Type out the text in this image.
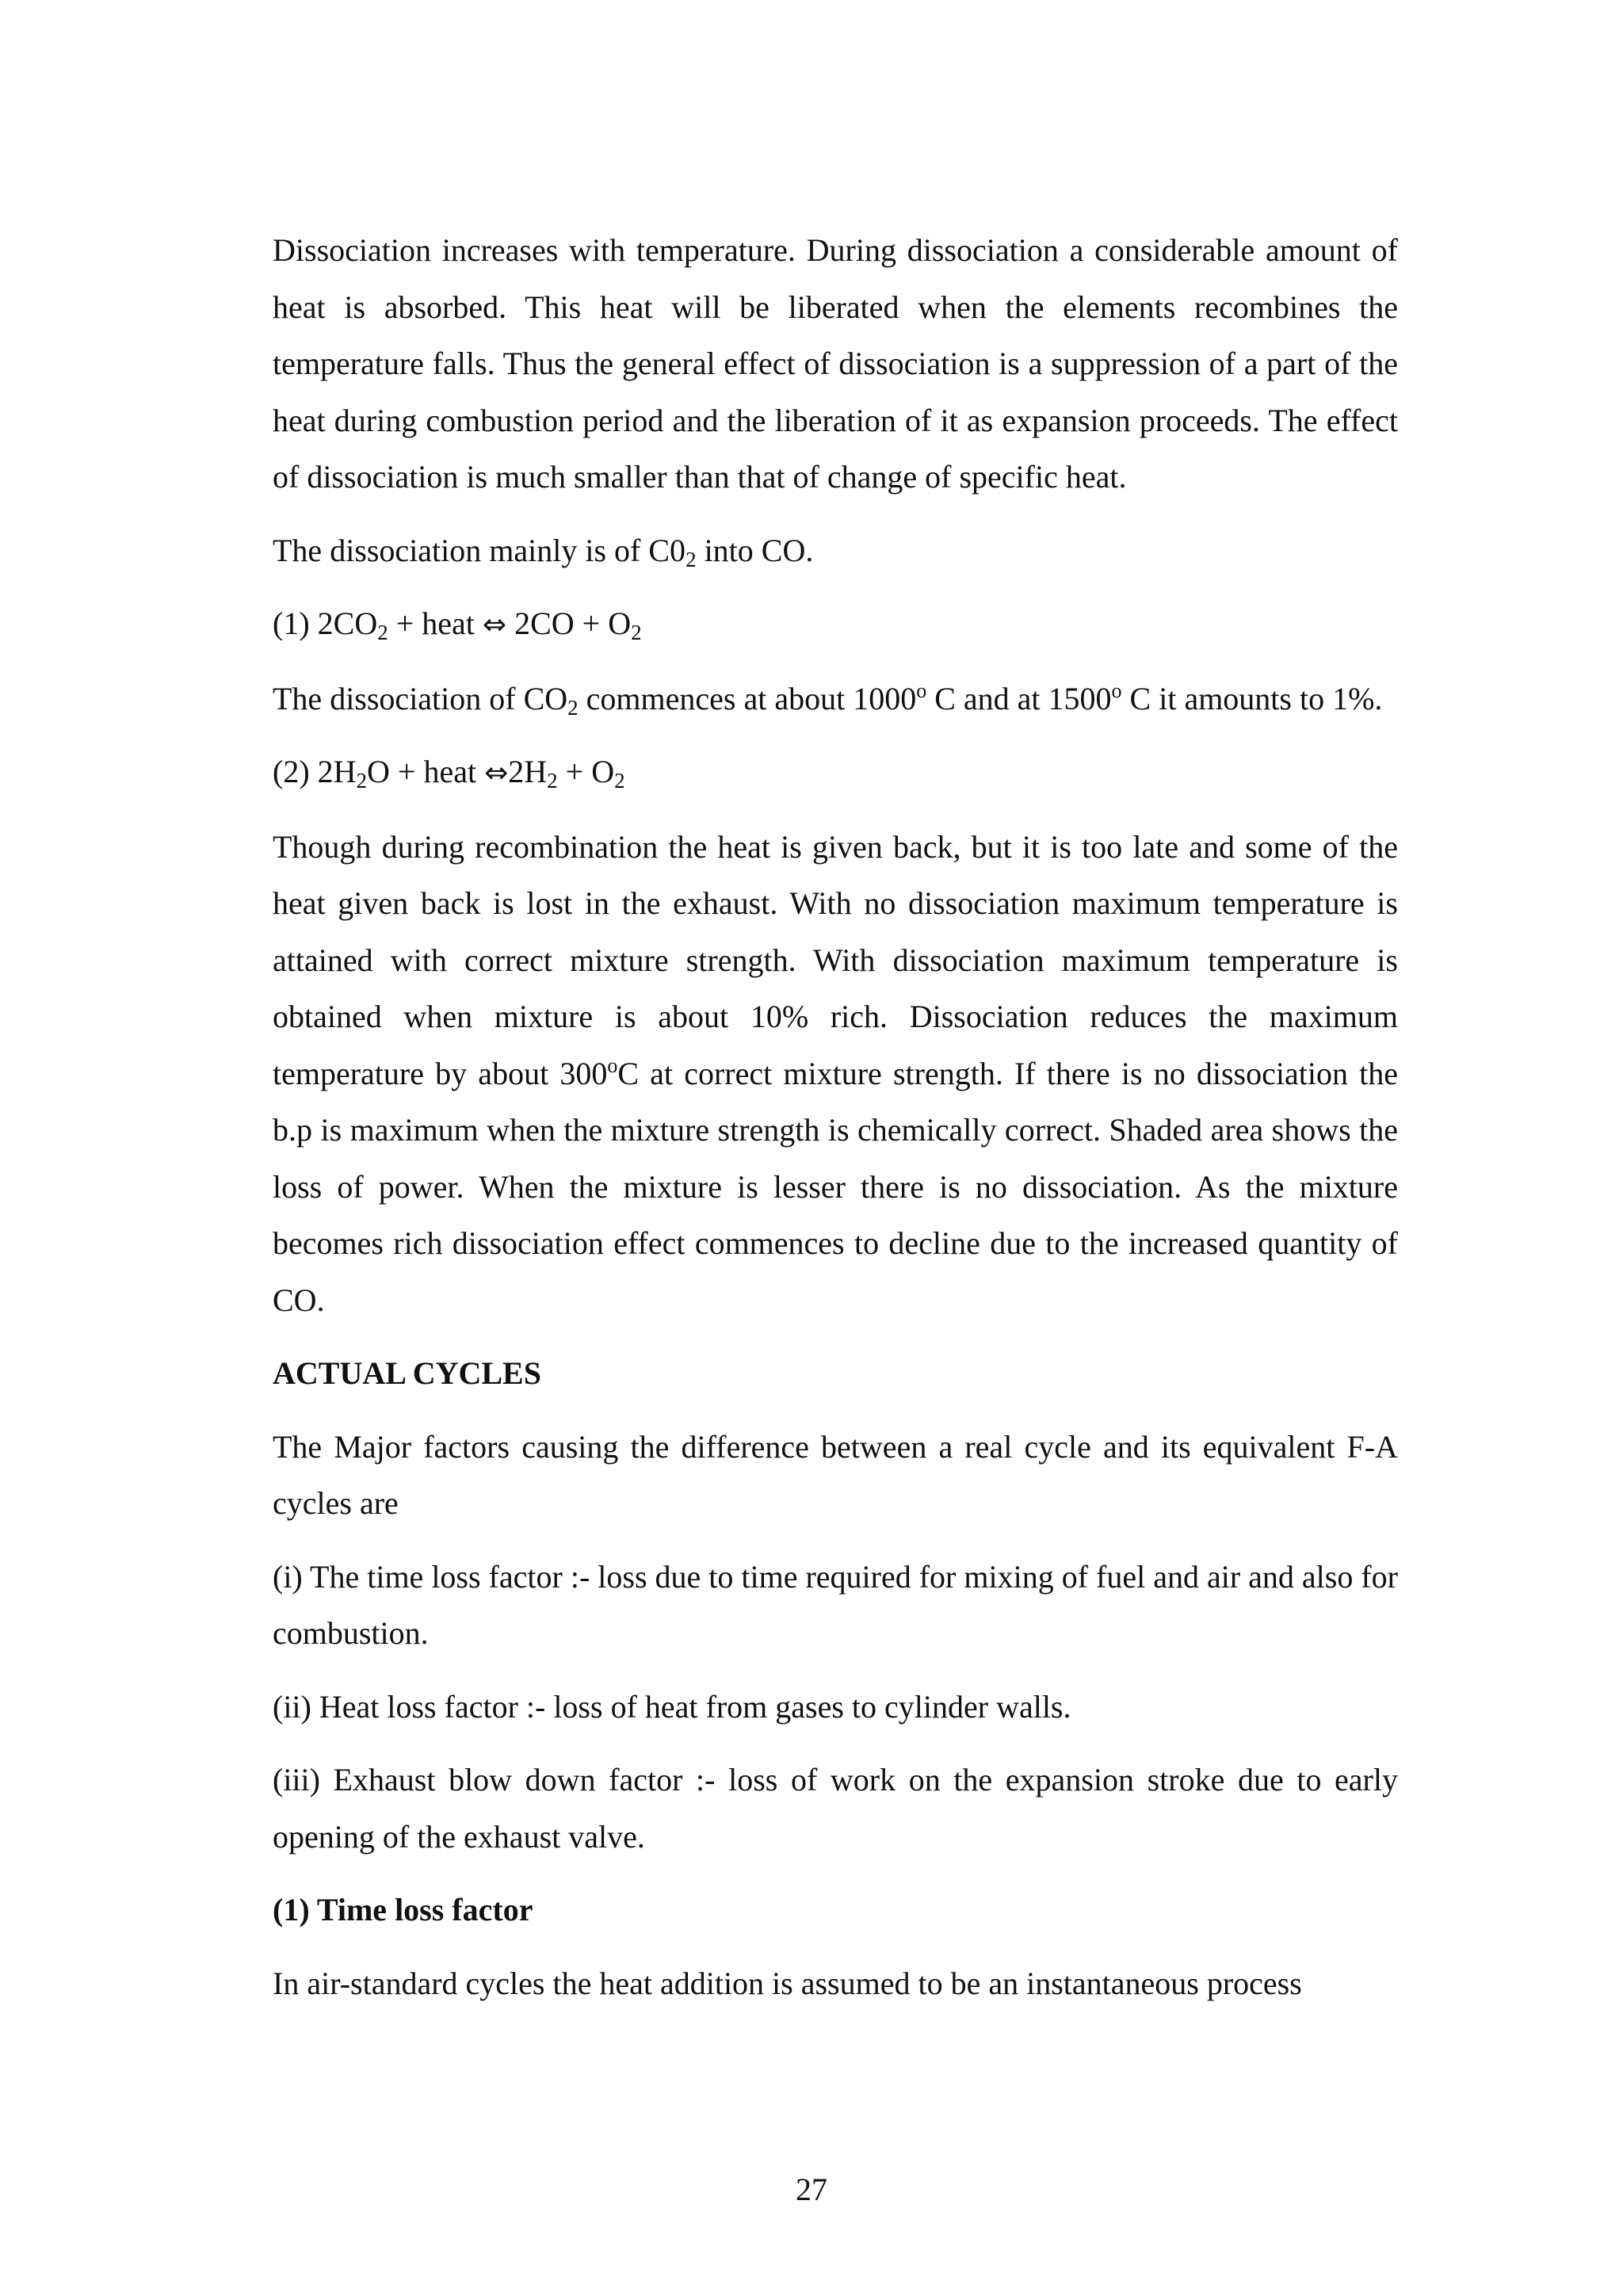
Dissociation increases with temperature. During dissociation a considerable amount of heat is absorbed. This heat will be liberated when the elements recombines the temperature falls. Thus the general effect of dissociation is a suppression of a part of the heat during combustion period and the liberation of it as expansion proceeds. The effect of dissociation is much smaller than that of change of specific heat.

The dissociation mainly is of $C0_2$ into CO.

(1) $2CO_2$ + heat ⇔ $2CO + O_2$

The dissociation of $CO_2$ commences at about 1000$^o$ C and at 1500$^o$ C it amounts to 1%.

(2) $2H_2O$ + heat $\Leftrightarrow 2H_2 + O_2$

Though during recombination the heat is given back, but it is too late and some of the heat given back is lost in the exhaust. With no dissociation maximum temperature is attained with correct mixture strength. With dissociation maximum temperature is obtained when mixture is about 10% rich. Dissociation reduces the maximum temperature by about 300$^o$C at correct mixture strength. If there is no dissociation the b.p is maximum when the mixture strength is chemically correct. Shaded area shows the loss of power. When the mixture is lesser there is no dissociation. As the mixture becomes rich dissociation effect commences to decline due to the increased quantity of CO.

ACTUAL CYCLES

The Major factors causing the difference between a real cycle and its equivalent F-A cycles are

(i) The time loss factor :- loss due to time required for mixing of fuel and air and also for combustion.

(ii) Heat loss factor :- loss of heat from gases to cylinder walls.

(iii) Exhaust blow down factor :- loss of work on the expansion stroke due to early opening of the exhaust valve.

(1) Time loss factor

In air-standard cycles the heat addition is assumed to be an instantaneous process

27
